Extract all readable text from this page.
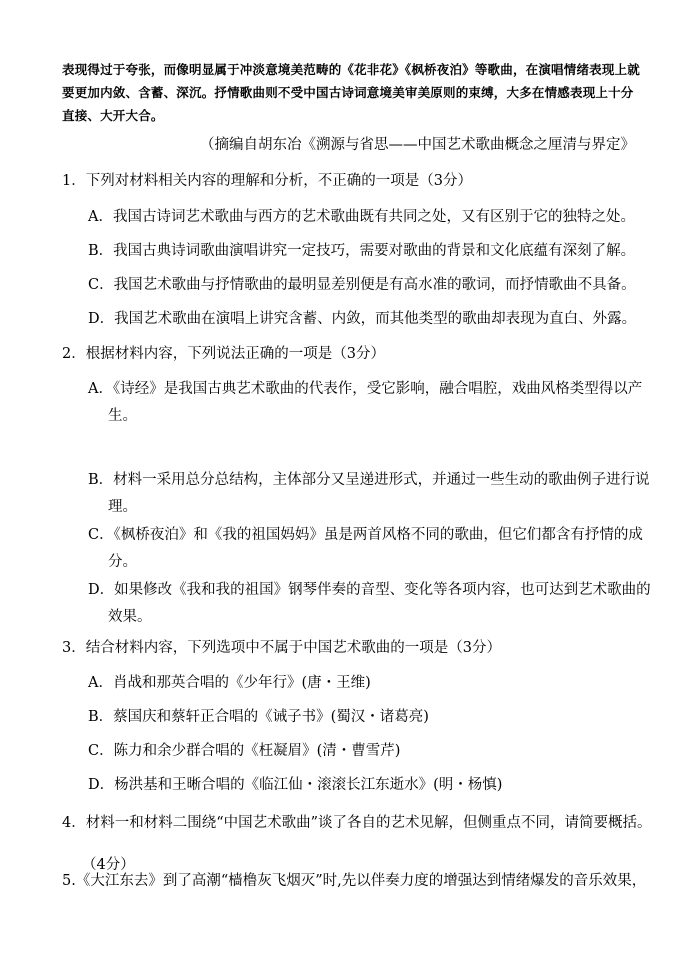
表现得过于夸张，而像明显属于冲淡意境美范畴的《花非花》《枫桥夜泊》等歌曲，在演唱情绪表现上就要更加内敛、含蓄、深沉。抒情歌曲则不受中国古诗词意境美审美原则的束缚，大多在情感表现上十分直接、大开大合。
（摘编自胡东冶《溯源与省思——中国艺术歌曲概念之厘清与界定》
1．下列对材料相关内容的理解和分析，不正确的一项是（3分）
A．我国古诗词艺术歌曲与西方的艺术歌曲既有共同之处，又有区别于它的独特之处。
B．我国古典诗词歌曲演唱讲究一定技巧，需要对歌曲的背景和文化底蕴有深刻了解。
C．我国艺术歌曲与抒情歌曲的最明显差别便是有高水准的歌词，而抒情歌曲不具备。
D．我国艺术歌曲在演唱上讲究含蓄、内敛，而其他类型的歌曲却表现为直白、外露。
2．根据材料内容，下列说法正确的一项是（3分）
A．《诗经》是我国古典艺术歌曲的代表作，受它影响，融合唱腔，戏曲风格类型得以产
生。
B．材料一采用总分总结构，主体部分又呈递进形式，并通过一些生动的歌曲例子进行说
理。
C．《枫桥夜泊》和《我的祖国妈妈》虽是两首风格不同的歌曲，但它们都含有抒情的成
分。
D．如果修改《我和我的祖国》钢琴伴奏的音型、变化等各项内容，也可达到艺术歌曲的
效果。
3．结合材料内容，下列选项中不属于中国艺术歌曲的一项是（3分）
A．肖战和那英合唱的《少年行》(唐・王维)
B．蔡国庆和蔡轩正合唱的《诫子书》(蜀汉・诸葛亮)
C．陈力和余少群合唱的《枉凝眉》(清・曹雪芹)
D．杨洪基和王晰合唱的《临江仙・滚滚长江东逝水》(明・杨慎)
4．材料一和材料二围绕“中国艺术歌曲”谈了各自的艺术见解，但侧重点不同，请简要概括。
（4分）
5.《大江东去》到了高潮“樯橹灰飞烟灭”时,先以伴奏力度的增强达到情绪爆发的音乐效果，
